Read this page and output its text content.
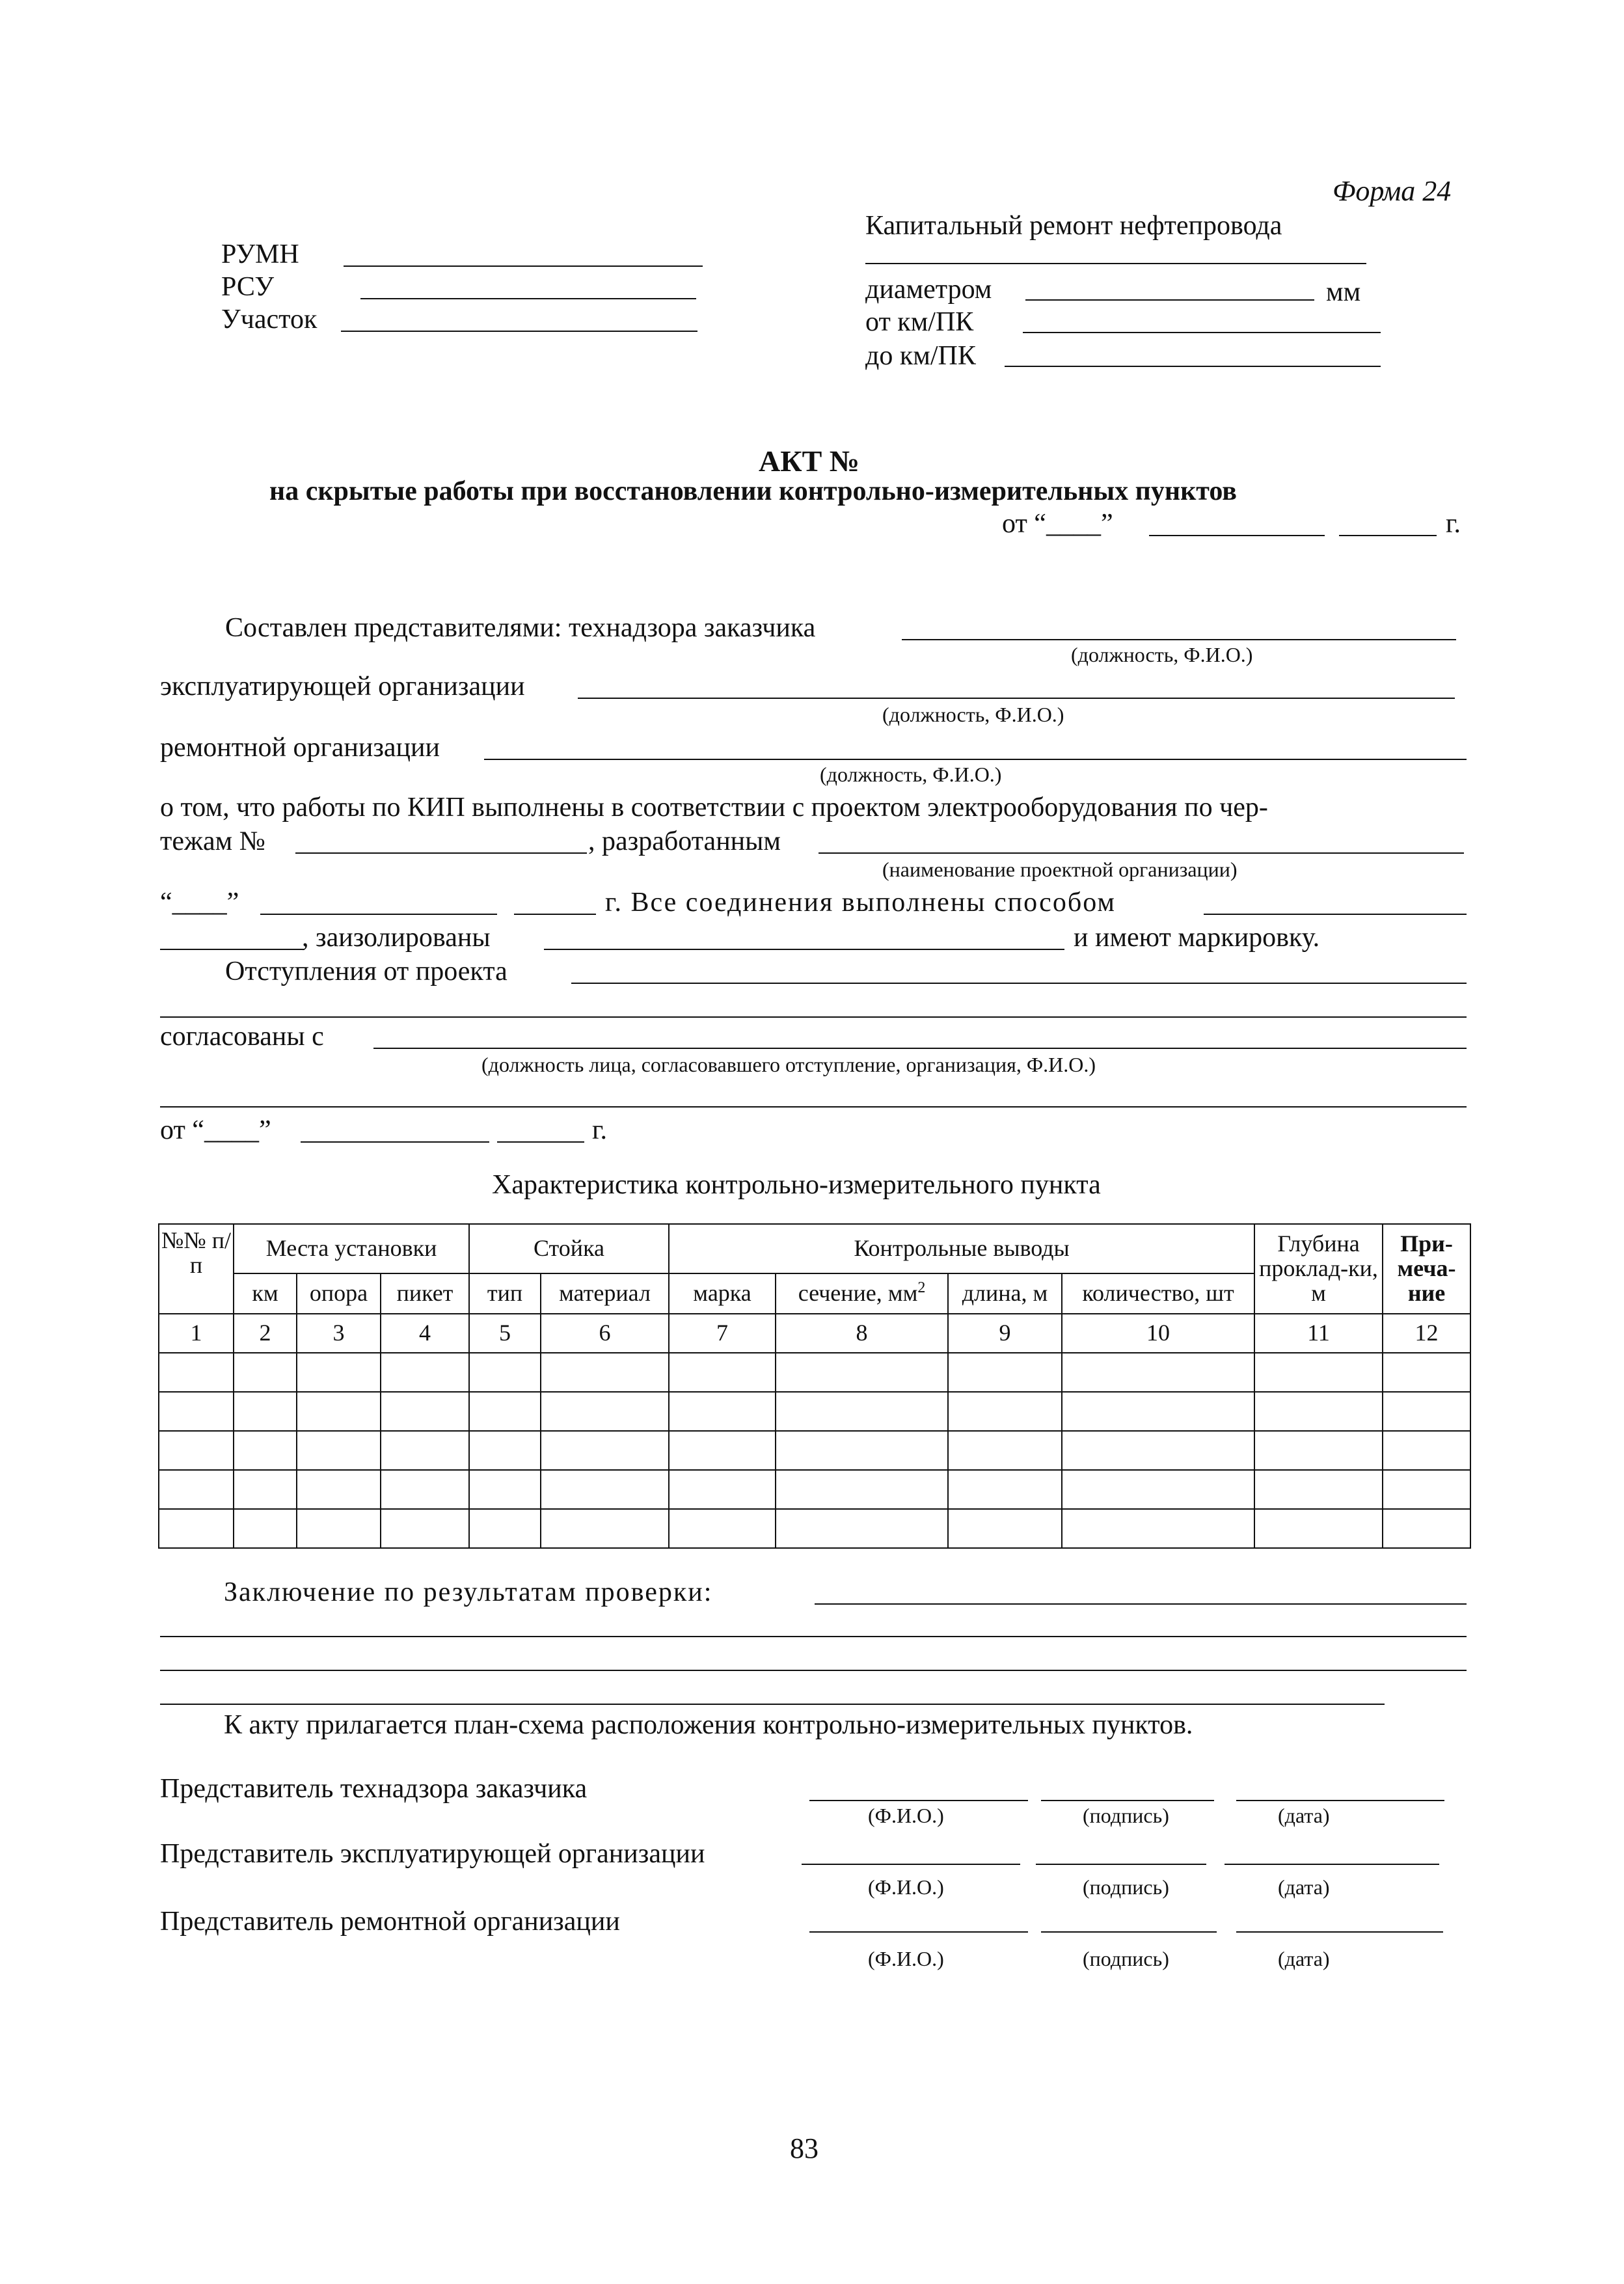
Форма 24
РУМН
РСУ
Участок
Капитальный ремонт нефтепровода
диаметром	мм
от км/ПК
до км/ПК
АКТ №
на скрытые работы при восстановлении контрольно-измерительных пунктов
от “____”	г.
Составлен представителями: технадзора заказчика
(должность, Ф.И.О.)
эксплуатирующей организации
(должность, Ф.И.О.)
ремонтной организации
(должность, Ф.И.О.)
о том, что работы по КИП выполнены в соответствии с проектом электрооборудования по чер-
тежам №	, разработанным
(наименование проектной организации)
“____”	г. Все соединения выполнены способом
, заизолированы	и имеют маркировку.
Отступления от проекта
согласованы с
(должность лица, согласовавшего отступление, организация, Ф.И.О.)
от “____”	г.
Характеристика контрольно-измерительного пункта
№№ п/п	Места установки			Стойка		Контрольные выводы				Глубина проклад-ки, м	При-меча-ние
	км	опора	пикет	тип	материал	марка	сечение, $мм^2$	длина, м	количество, шт		
1	2	3	4	5	6	7	8	9	10	11	12

Заключение по результатам проверки:
К акту прилагается план-схема расположения контрольно-измерительных пунктов.
Представитель технадзора заказчика
(Ф.И.О.)	(подпись)	(дата)
Представитель эксплуатирующей организации
(Ф.И.О.)	(подпись)	(дата)
Представитель ремонтной организации
(Ф.И.О.)	(подпись)	(дата)
83
